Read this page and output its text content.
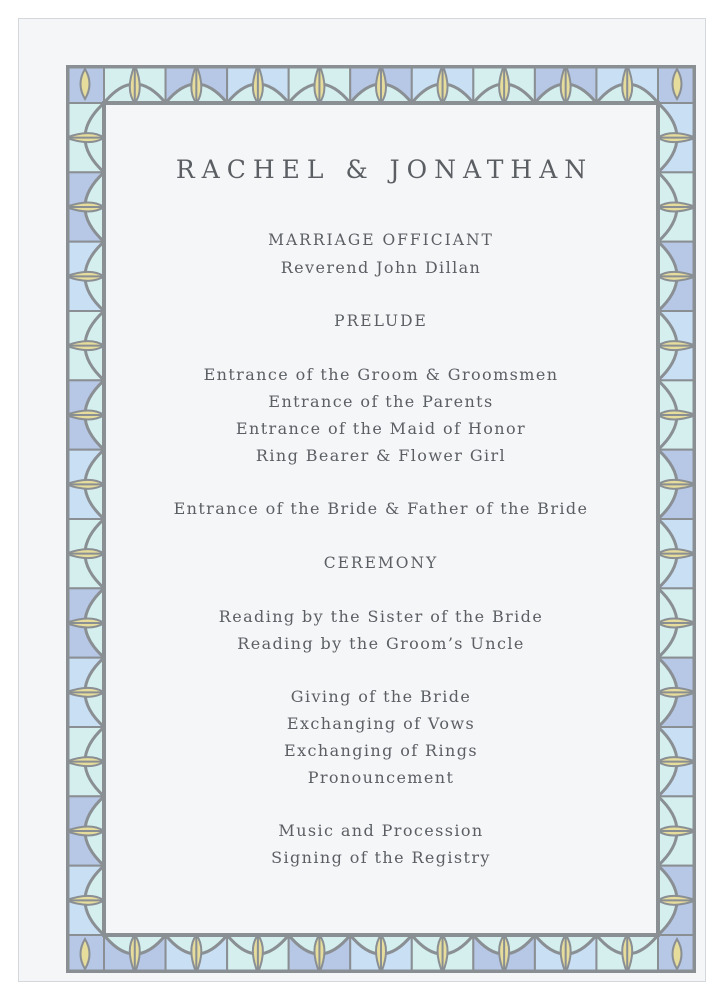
RACHEL & JONATHAN
MARRIAGE OFFICIANT
Reverend John Dillan
PRELUDE
Entrance of the Groom & Groomsmen
Entrance of the Parents
Entrance of the Maid of Honor
Ring Bearer & Flower Girl
Entrance of the Bride & Father of the Bride
CEREMONY
Reading by the Sister of the Bride
Reading by the Groom’s Uncle
Giving of the Bride
Exchanging of Vows
Exchanging of Rings
Pronouncement
Music and Procession
Signing of the Registry
